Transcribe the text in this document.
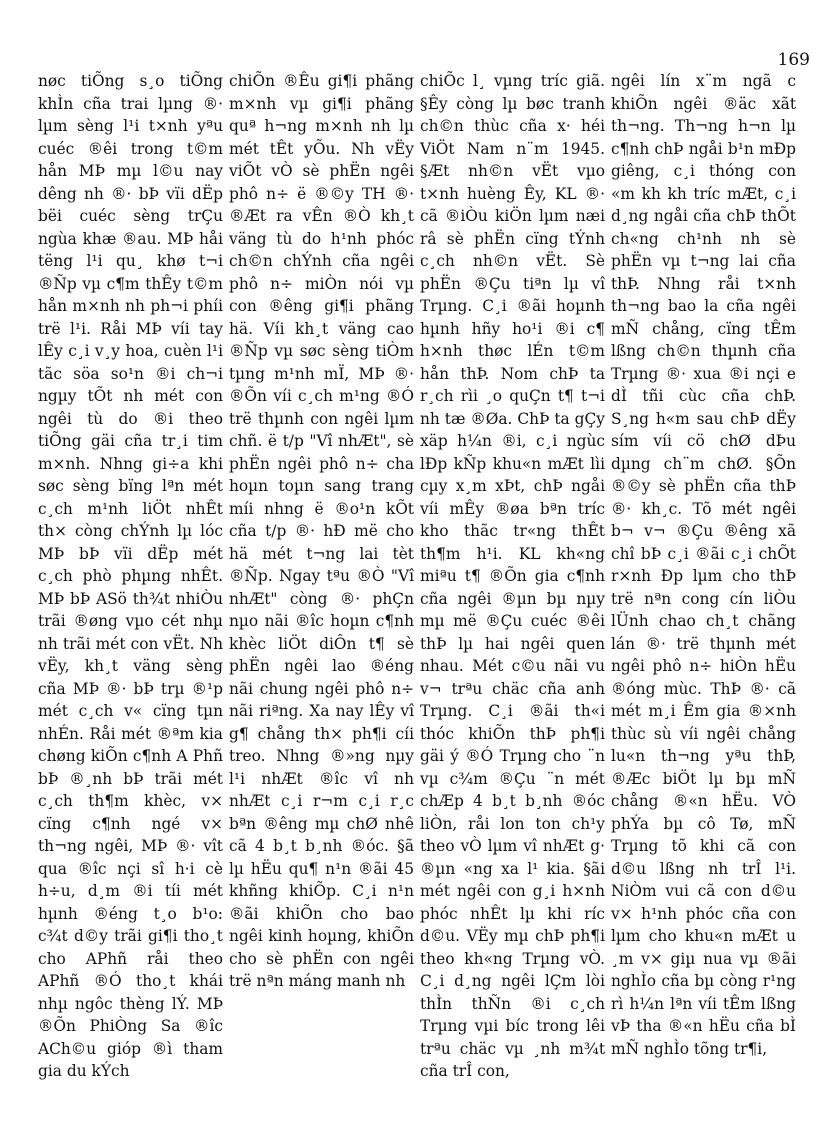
169

nøc tiÕng s¸o tiÕng khÌn cña trai lµng ®· lµm sèng l¹i t×nh yªu cuéc ®êi trong t©m hån MÞ mµ l©u nay dêng nh ®· bÞ vïi dËp bëi cuéc sèng trÇu ngùa khæ ®au. MÞ håi tëng l¹i qu¸ khø t¬i ®Ñp vµ c¶m thÊy t©m hån m×nh nh ph¬i phíi trë l¹i. Råi MÞ víi tay lÊy c¸i v¸y hoa, cuèn l¹i tãc söa so¹n ®i ch¬i ngµy tÕt nh mét con ngêi tù do ®i theo tiÕng gäi cña tr¸i tim m×nh. Nhng gi÷a khi søc sèng bïng lªn mét c¸ch m¹nh liÖt nhÊt th× còng chÝnh lµ lóc MÞ bÞ vïi dËp mét c¸ch phò phµng nhÊt. MÞ bÞ ASö th¾t nhiÒu trãi ®øng vµo cét nhµ nh trãi mét con vËt. Nh vËy, kh¸t väng sèng cña MÞ ®· bÞ trµ ®¹p mét c¸ch v« cïng tµn nhÉn. Råi mét ®ªm kia chøng kiÕn c¶nh A Phñ bÞ ®¸nh bÞ trãi mét c¸ch th¶m khèc, v× cïng c¶nh ngé v× th¬ng ngêi, MÞ ®· vît qua ®îc nçi sî h·i cè h÷u, d¸m ®i tíi mét hµnh ®éng t¸o b¹o: c¾t d©y trãi gi¶i tho¸t cho APhñ råi theo APhñ ®Ó tho¸t khái nhµ ngôc thèng lÝ. MÞ ®Õn PhiÒng Sa ®îc ACh©u gióp ®ì tham gia du kÝch

chiÕn ®Êu gi¶i phãng m×nh vµ gi¶i phãng quª h¬ng m×nh nh lµ mét tÊt yÕu. Nh vËy viÕt vÒ sè phËn ngêi phô n÷ ë ®©y TH ®· ®Æt ra vÊn ®Ò kh¸t väng tù do h¹nh phóc ch©n chÝnh cña ngêi phô n÷ miÒn nói vµ con ®êng gi¶i phãng hä. Víi kh¸t väng cao ®Ñp vµ søc sèng tiÒm tµng m¹nh mÏ, MÞ ®· ®Õn víi c¸ch m¹ng ®Ó trë thµnh con ngêi lµm chñ. ë t/p "Vî nhÆt", sè phËn ngêi phô n÷ cha hoµn toµn sang trang míi nhng ë ®o¹n kÕt cña t/p ®· hÐ më cho hä mét t¬ng lai tèt ®Ñp. Ngay tªu ®Ò "Vî nhÆt" còng ®· phÇn nµo nãi ®îc hoµn c¶nh khèc liÖt diÔn t¶ sè phËn ngêi lao ®éng nãi chung ngêi phô n÷ nãi riªng. Xa nay lÊy vî g¶ chång th× ph¶i cíi treo. Nhng ®»ng nµy l¹i nhÆt ®îc vî nh nhÆt c¸i r¬m c¸i r¸c bªn ®êng mµ chØ nhê cã 4 b¸t b¸nh ®óc. §ã lµ hËu qu¶ n¹n ®ãi 45 khñng khiÕp. C¸i n¹n ®ãi khiÕn cho bao ngêi kinh hoµng, khiÕn cho sè phËn con ngêi trë nªn máng manh nh

chiÕc l¸ vµng tríc giã. §Êy còng lµ bøc tranh ch©n thùc cña x· héi ViÖt Nam n¨m 1945. §Æt nh©n vËt vµo t×nh huèng Êy, KL ®· cã ®iÒu kiÖn lµm næi râ sè phËn cïng tÝnh c¸ch nh©n vËt. Sè phËn ®Çu tiªn lµ vî Trµng. C¸i ®ãi hoµnh hµnh hñy ho¹i ®i c¶ h×nh thøc lÉn t©m hån thÞ. Nom chÞ ta r¸ch rìi ¸o quÇn t¶ t¬i nh tæ ®Øa. ChÞ ta gÇy xäp h¼n ®i, c¸i ngùc lÐp kÑp khu«n mÆt lìi cµy x¸m xÞt, chÞ ngåi víi mÊy ®øa bªn tríc kho thãc tr«ng thÊt th¶m h¹i. KL kh«ng miªu t¶ ®Õn gia c¶nh cña ngêi ®µn bµ nµy mµ më ®Çu cuéc ®êi thÞ lµ hai ngêi quen nhau. Mét c©u nãi vu v¬ trªu chäc cña anh Trµng. C¸i ®ãi th«i thóc khiÕn thÞ ph¶i gäi ý ®Ó Trµng cho ¨n vµ c¾m ®Çu ¨n mét chÆp 4 b¸t b¸nh ®óc liÒn, råi lon ton ch¹y theo vÒ lµm vî nhÆt g· ®µn «ng xa l¹ kia. §ãi mét ngêi con g¸i h×nh phóc nhÊt lµ khi ríc d©u. VËy mµ chÞ ph¶i theo kh«ng Trµng vÒ. C¸i d¸ng ngêi lÇm lòi thÌn thÑn ®i c¸ch Trµng vµi bíc trong lêi trªu chäc vµ ¸nh m¾t cña trÎ con,

ngêi lín x¨m ngã c khiÕn ngêi ®äc xãt th¬ng. Th¬ng h¬n lµ c¶nh chÞ ngåi b¹n mÐp giêng, c¸i thóng con «m kh kh tríc mÆt, c¸i d¸ng ngåi cña chÞ thÕt ch«ng ch¹nh nh sè phËn vµ t¬ng lai cña thÞ. Nhng råi t×nh th¬ng bao la cña ngêi mÑ chång, cïng tÊm lßng ch©n thµnh cña Trµng ®· xua ®i nçi e dÌ tñi cùc cña chÞ. S¸ng h«m sau chÞ dËy sím víi cö chØ dÞu dµng ch¨m chØ. §Õn ®©y sè phËn cña thÞ ®· kh¸c. Tõ mét ngêi b¬ v¬ ®Çu ®êng xã chî bÞ c¸i ®ãi c¸i chÕt r×nh Ðp lµm cho thÞ trë nªn cong cín liÒu lÜnh chao ch¸t chãng lán ®· trë thµnh mét ngêi phô n÷ hiÒn hËu ®óng mùc. ThÞ ®· cã mét m¸i Êm gia ®×nh thùc sù víi ngêi chång lu«n th¬ng yªu thÞ, ®Æc biÖt lµ bµ mÑ chång ®«n hËu. VÒ phÝa bµ cô Tø, mÑ Trµng tõ khi cã con d©u lßng nh trÎ l¹i. NiÒm vui cã con d©u v× h¹nh phóc cña con lµm cho khu«n mÆt u ¸m v× giµ nua vµ ®ãi nghÌo cña bµ còng r¹ng rì h¼n lªn víi tÊm lßng vÞ tha ®«n hËu cña bÌ mÑ nghÌo tõng tr¶i,
